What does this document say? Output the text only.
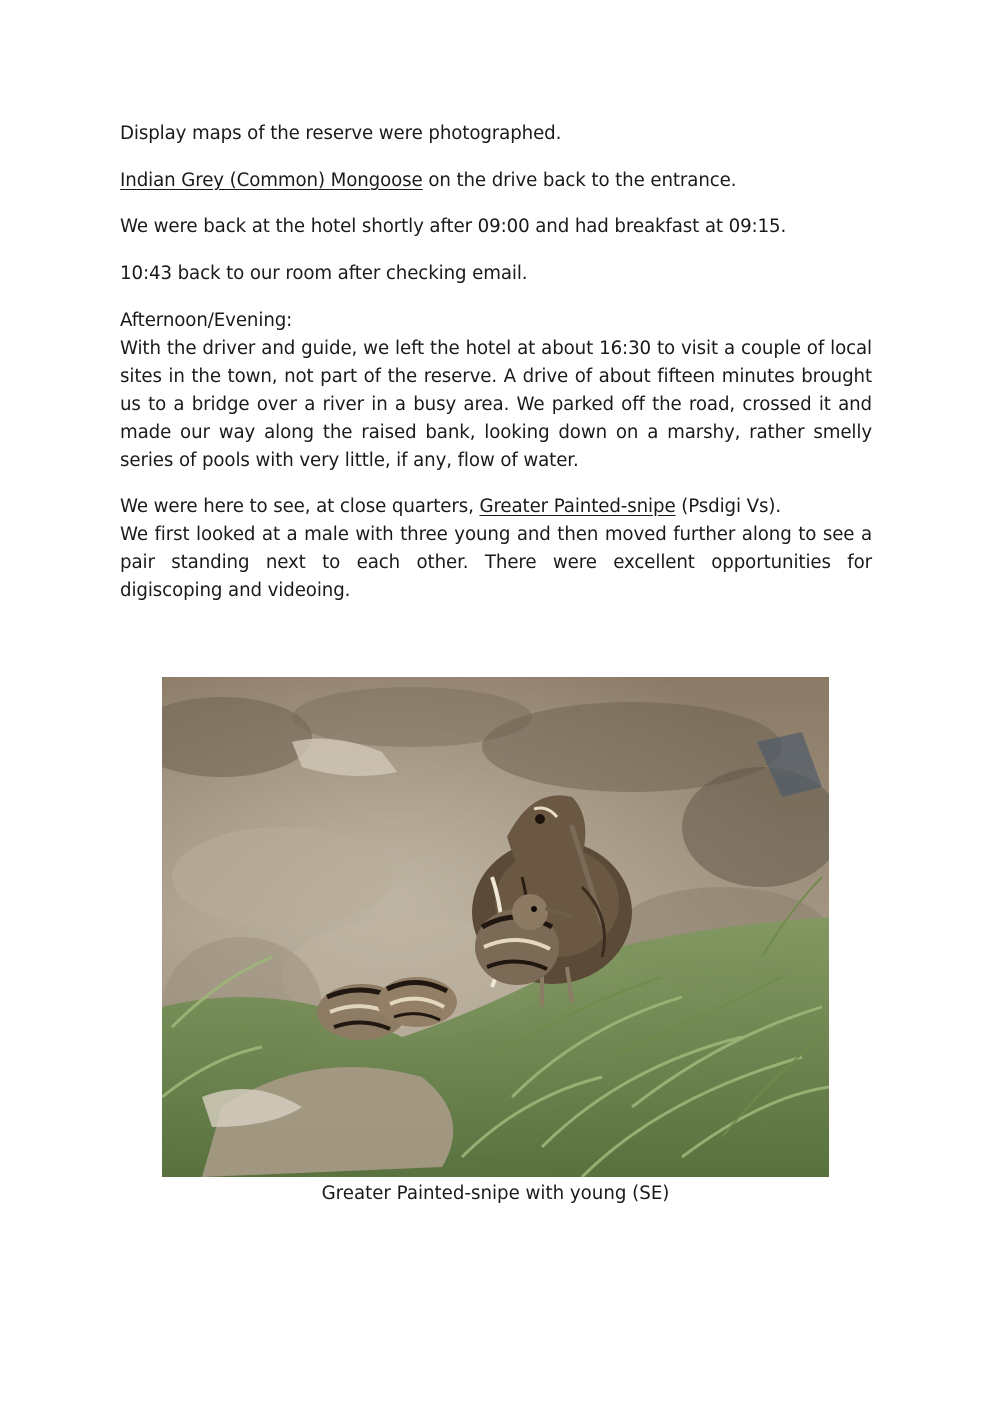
Display maps of the reserve were photographed.

Indian Grey (Common) Mongoose on the drive back to the entrance.

We were back at the hotel shortly after 09:00 and had breakfast at 09:15.

10:43 back to our room after checking email.

Afternoon/Evening:

With the driver and guide, we left the hotel at about 16:30 to visit a couple of local sites in the town, not part of the reserve. A drive of about fifteen minutes brought us to a bridge over a river in a busy area. We parked off the road, crossed it and made our way along the raised bank, looking down on a marshy, rather smelly series of pools with very little, if any, flow of water.

We were here to see, at close quarters, Greater Painted-snipe (Psdigi Vs).

We first looked at a male with three young and then moved further along to see a pair standing next to each other. There were excellent opportunities for digiscoping and videoing.

Greater Painted-snipe with young (SE)
